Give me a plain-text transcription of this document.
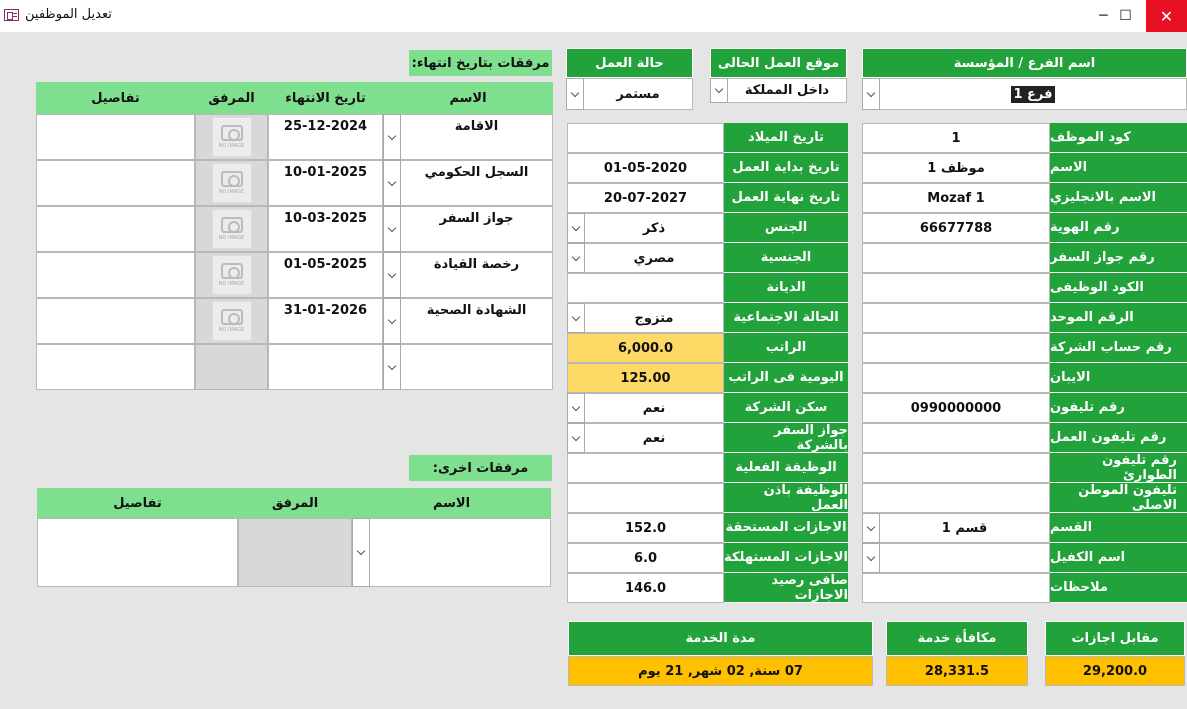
تعديل الموظفين	─ ☐	✕
اسم الفرع / المؤسسة
فرع 1
موقع العمل الحالى
داخل المملكة
حالة العمل
مستمر
كود الموظف
1
الاسم
موظف 1
الاسم بالانجليزي
Mozaf 1
رقم الهوية
66677788
رقم جواز السفر
الكود الوظيفى
الرقم الموحد
رقم حساب الشركة
الايبان
رقم تليفون
0990000000
رقم تليفون العمل
رقم تليفون الطوارئ
تليفون الموطن الاصلى
القسم
قسم 1
اسم الكفيل
ملاحظات
تاريخ الميلاد
تاريخ بداية العمل
01-05-2020
تاريخ نهاية العمل
20-07-2027
الجنس
ذكر
الجنسية
مصري
الديانة
الحالة الاجتماعية
متزوج
الراتب
6,000.0
اليومية فى الراتب
125.00
سكن الشركة
نعم
جواز السفر بالشركة
نعم
الوظيفة الفعلية
الوظيفة باذن العمل
الاجازات المستحقة
152.0
الاجازات المستهلكة
6.0
صافى رصيد الاجازات
146.0
مرفقات بتاريخ انتهاء:
الاسم
تاريخ الانتهاء
المرفق
تفاصيل
الاقامة
25-12-2024
NO IMAGE
السجل الحكومي
10-01-2025
NO IMAGE
جواز السفر
10-03-2025
NO IMAGE
رخصة القيادة
01-05-2025
NO IMAGE
الشهادة الصحية
31-01-2026
NO IMAGE
مرفقات اخرى:
الاسم
المرفق
تفاصيل
مقابل اجازات
29,200.0
مكافأة خدمة
28,331.5
مدة الخدمة
07 سنة, 02 شهر, 21 يوم
